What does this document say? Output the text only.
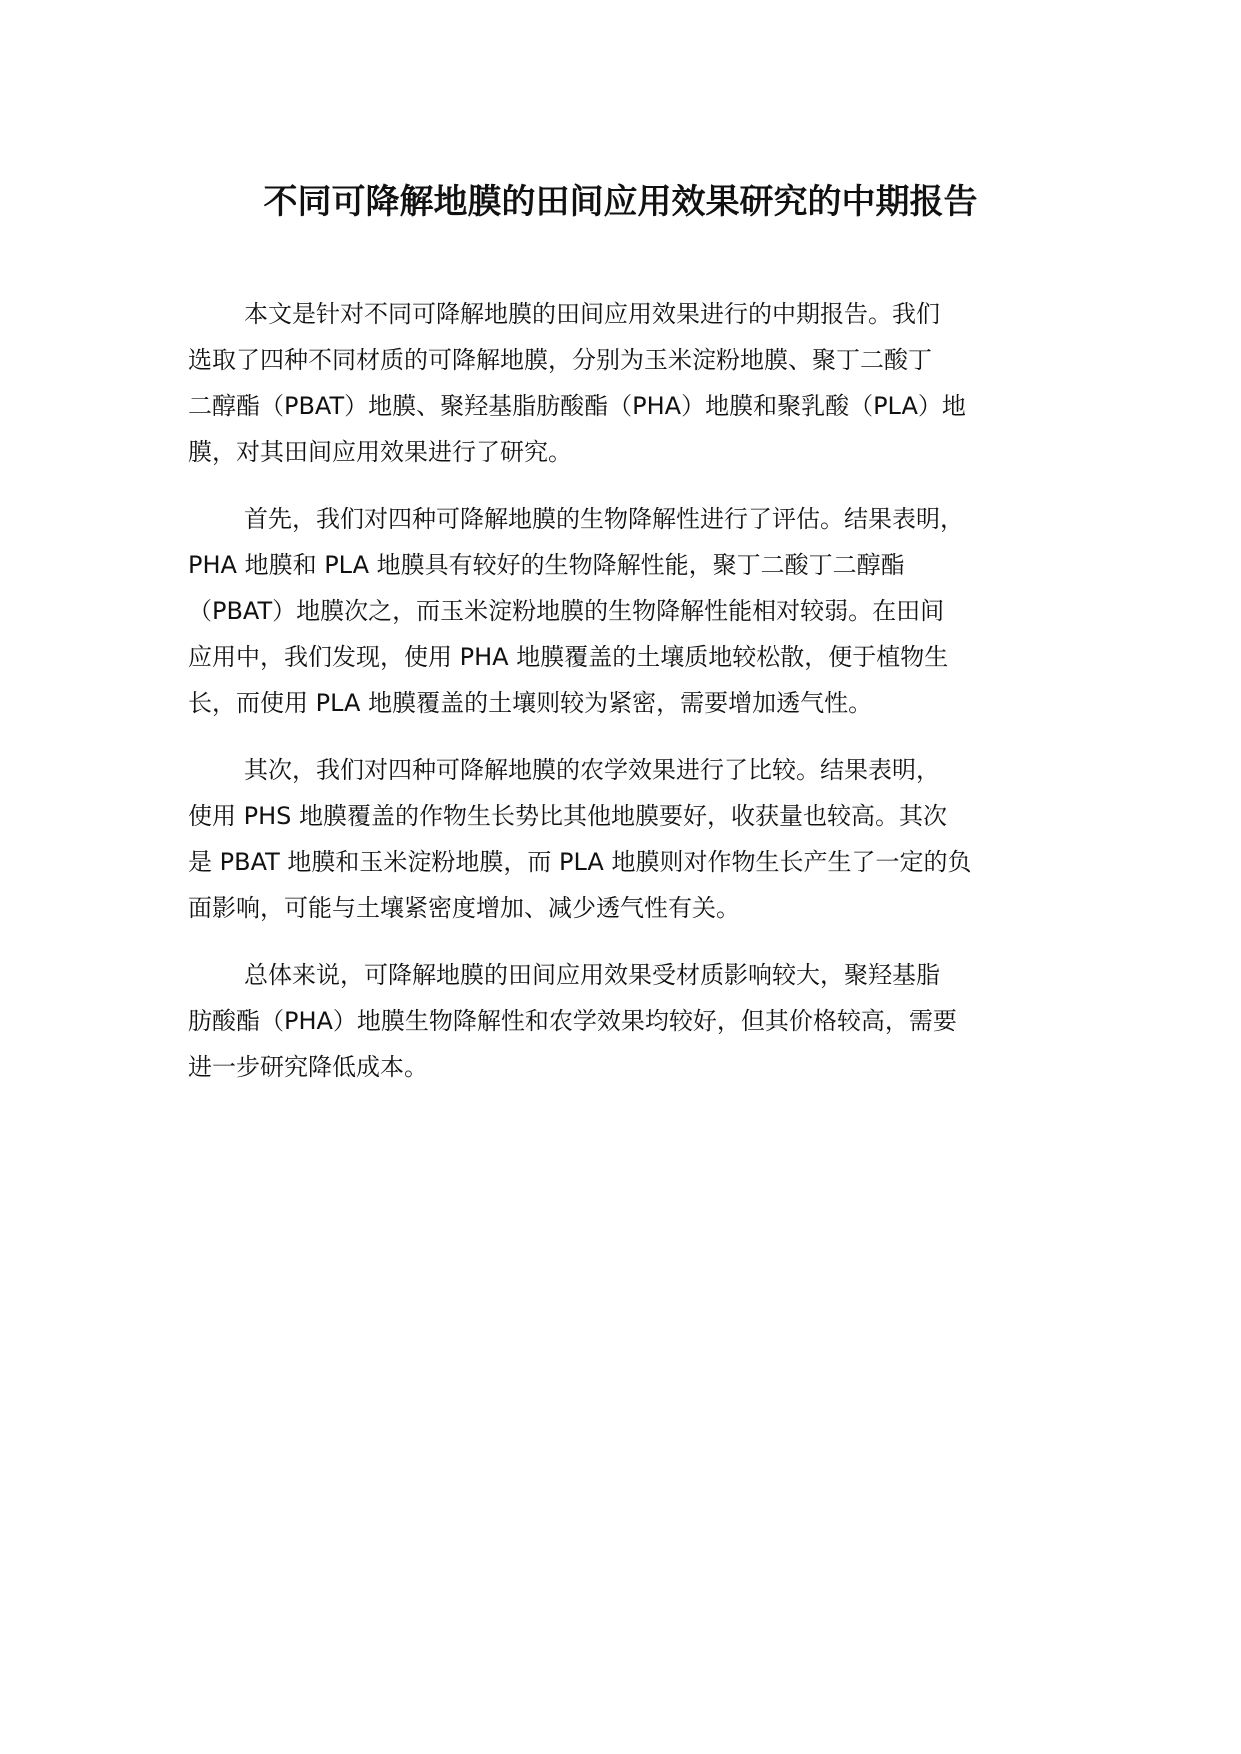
不同可降解地膜的田间应用效果研究的中期报告

本文是针对不同可降解地膜的田间应用效果进行的中期报告。我们
选取了四种不同材质的可降解地膜，分别为玉米淀粉地膜、聚丁二酸丁
二醇酯（PBAT）地膜、聚羟基脂肪酸酯（PHA）地膜和聚乳酸（PLA）地
膜，对其田间应用效果进行了研究。

首先，我们对四种可降解地膜的生物降解性进行了评估。结果表明，
PHA 地膜和 PLA 地膜具有较好的生物降解性能，聚丁二酸丁二醇酯
（PBAT）地膜次之，而玉米淀粉地膜的生物降解性能相对较弱。在田间
应用中，我们发现，使用 PHA 地膜覆盖的土壤质地较松散，便于植物生
长，而使用 PLA 地膜覆盖的土壤则较为紧密，需要增加透气性。

其次，我们对四种可降解地膜的农学效果进行了比较。结果表明，
使用 PHS 地膜覆盖的作物生长势比其他地膜要好，收获量也较高。其次
是 PBAT 地膜和玉米淀粉地膜，而 PLA 地膜则对作物生长产生了一定的负
面影响，可能与土壤紧密度增加、减少透气性有关。

总体来说，可降解地膜的田间应用效果受材质影响较大，聚羟基脂
肪酸酯（PHA）地膜生物降解性和农学效果均较好，但其价格较高，需要
进一步研究降低成本。
